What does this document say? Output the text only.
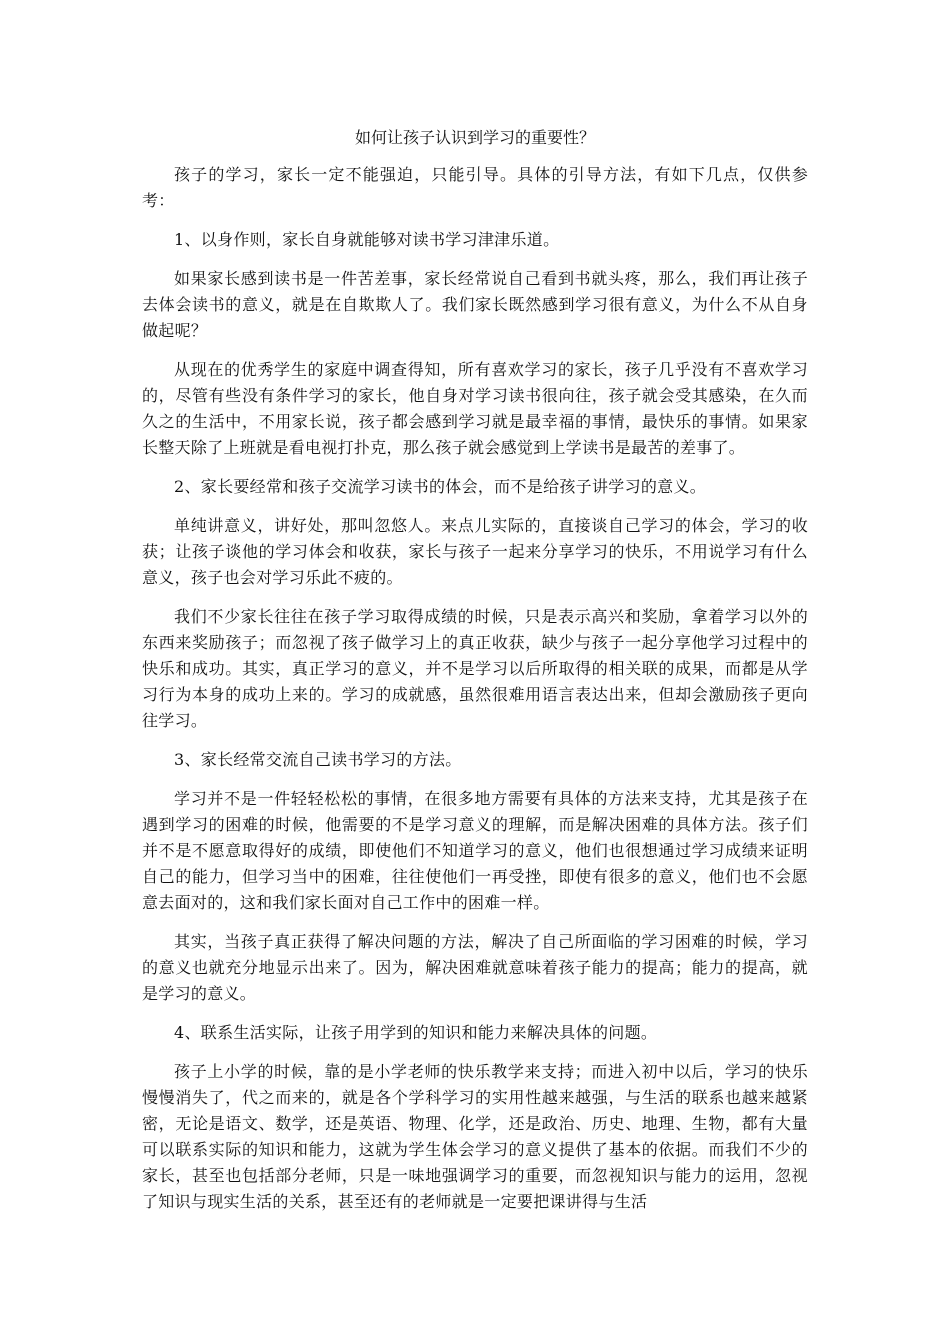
如何让孩子认识到学习的重要性？

孩子的学习，家长一定不能强迫，只能引导。具体的引导方法，有如下几点，仅供参考：

1、以身作则，家长自身就能够对读书学习津津乐道。

如果家长感到读书是一件苦差事，家长经常说自己看到书就头疼，那么，我们再让孩子去体会读书的意义，就是在自欺欺人了。我们家长既然感到学习很有意义，为什么不从自身做起呢？

从现在的优秀学生的家庭中调查得知，所有喜欢学习的家长，孩子几乎没有不喜欢学习的，尽管有些没有条件学习的家长，他自身对学习读书很向往，孩子就会受其感染，在久而久之的生活中，不用家长说，孩子都会感到学习就是最幸福的事情，最快乐的事情。如果家长整天除了上班就是看电视打扑克，那么孩子就会感觉到上学读书是最苦的差事了。

2、家长要经常和孩子交流学习读书的体会，而不是给孩子讲学习的意义。

单纯讲意义，讲好处，那叫忽悠人。来点儿实际的，直接谈自己学习的体会，学习的收获；让孩子谈他的学习体会和收获，家长与孩子一起来分享学习的快乐，不用说学习有什么意义，孩子也会对学习乐此不疲的。

我们不少家长往往在孩子学习取得成绩的时候，只是表示高兴和奖励，拿着学习以外的东西来奖励孩子；而忽视了孩子做学习上的真正收获，缺少与孩子一起分享他学习过程中的快乐和成功。其实，真正学习的意义，并不是学习以后所取得的相关联的成果，而都是从学习行为本身的成功上来的。学习的成就感，虽然很难用语言表达出来，但却会激励孩子更向往学习。

3、家长经常交流自己读书学习的方法。

学习并不是一件轻轻松松的事情，在很多地方需要有具体的方法来支持，尤其是孩子在遇到学习的困难的时候，他需要的不是学习意义的理解，而是解决困难的具体方法。孩子们并不是不愿意取得好的成绩，即使他们不知道学习的意义，他们也很想通过学习成绩来证明自己的能力，但学习当中的困难，往往使他们一再受挫，即使有很多的意义，他们也不会愿意去面对的，这和我们家长面对自己工作中的困难一样。

其实，当孩子真正获得了解决问题的方法，解决了自己所面临的学习困难的时候，学习的意义也就充分地显示出来了。因为，解决困难就意味着孩子能力的提高；能力的提高，就是学习的意义。

4、联系生活实际，让孩子用学到的知识和能力来解决具体的问题。

孩子上小学的时候，靠的是小学老师的快乐教学来支持；而进入初中以后，学习的快乐慢慢消失了，代之而来的，就是各个学科学习的实用性越来越强，与生活的联系也越来越紧密，无论是语文、数学，还是英语、物理、化学，还是政治、历史、地理、生物，都有大量可以联系实际的知识和能力，这就为学生体会学习的意义提供了基本的依据。而我们不少的家长，甚至也包括部分老师，只是一味地强调学习的重要，而忽视知识与能力的运用，忽视了知识与现实生活的关系，甚至还有的老师就是一定要把课讲得与生活
